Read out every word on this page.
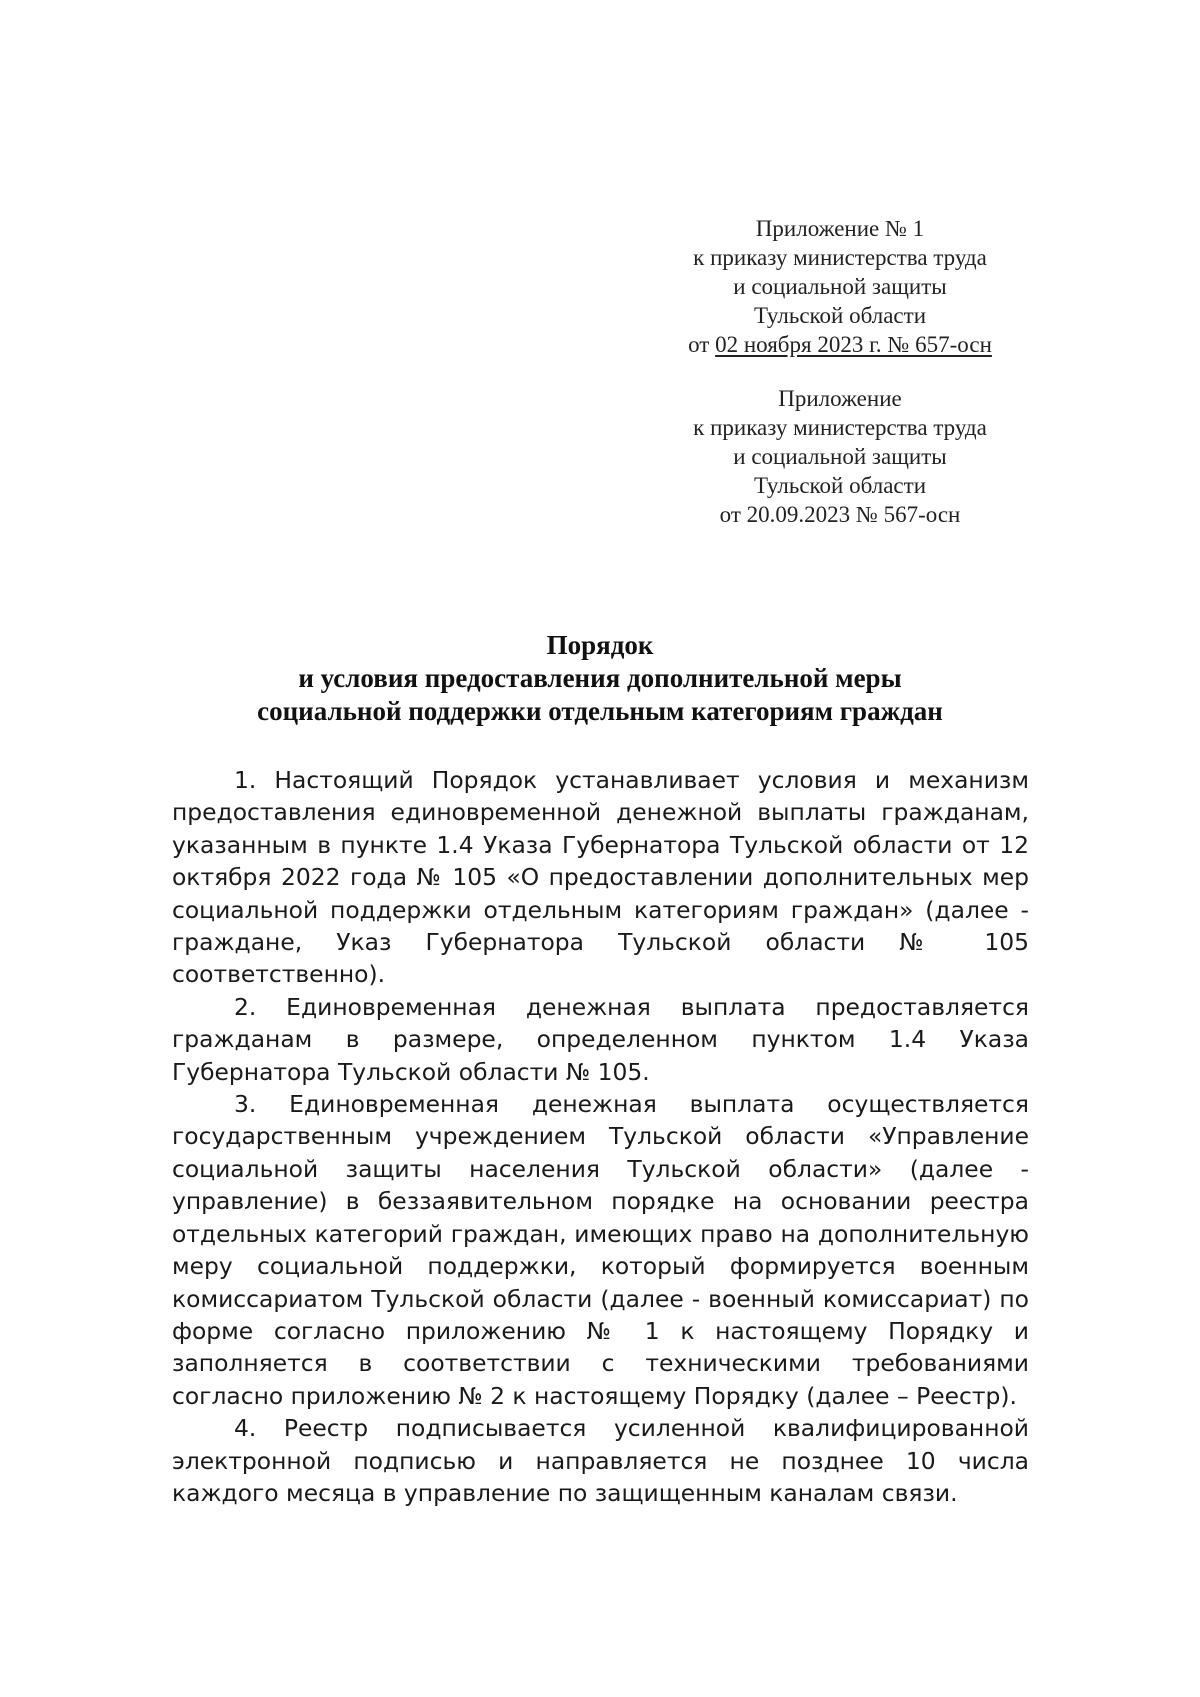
Приложение № 1
к приказу министерства труда
и социальной защиты
Тульской области
от 02 ноября 2023 г. № 657-осн
Приложение
к приказу министерства труда
и социальной защиты
Тульской области
от 20.09.2023 № 567-осн
Порядок
и условия предоставления дополнительной меры
социальной поддержки отдельным категориям граждан

1. Настоящий Порядок устанавливает условия и механизм предоставления единовременной денежной выплаты гражданам, указанным в пункте 1.4 Указа Губернатора Тульской области от 12 октября 2022 года № 105 «О предоставлении дополнительных мер социальной поддержки отдельным категориям граждан» (далее - граждане, Указ Губернатора Тульской области № 105 соответственно).

2. Единовременная денежная выплата предоставляется гражданам в размере, определенном пунктом 1.4 Указа Губернатора Тульской области № 105.

3. Единовременная денежная выплата осуществляется государственным учреждением Тульской области «Управление социальной защиты населения Тульской области» (далее - управление) в беззаявительном порядке на основании реестра отдельных категорий граждан, имеющих право на дополнительную меру социальной поддержки, который формируется военным комиссариатом Тульской области (далее - военный комиссариат) по форме согласно приложению № 1 к настоящему Порядку и заполняется в соответствии с техническими требованиями согласно приложению № 2 к настоящему Порядку (далее – Реестр).

4. Реестр подписывается усиленной квалифицированной электронной подписью и направляется не позднее 10 числа каждого месяца в управление по защищенным каналам связи.
